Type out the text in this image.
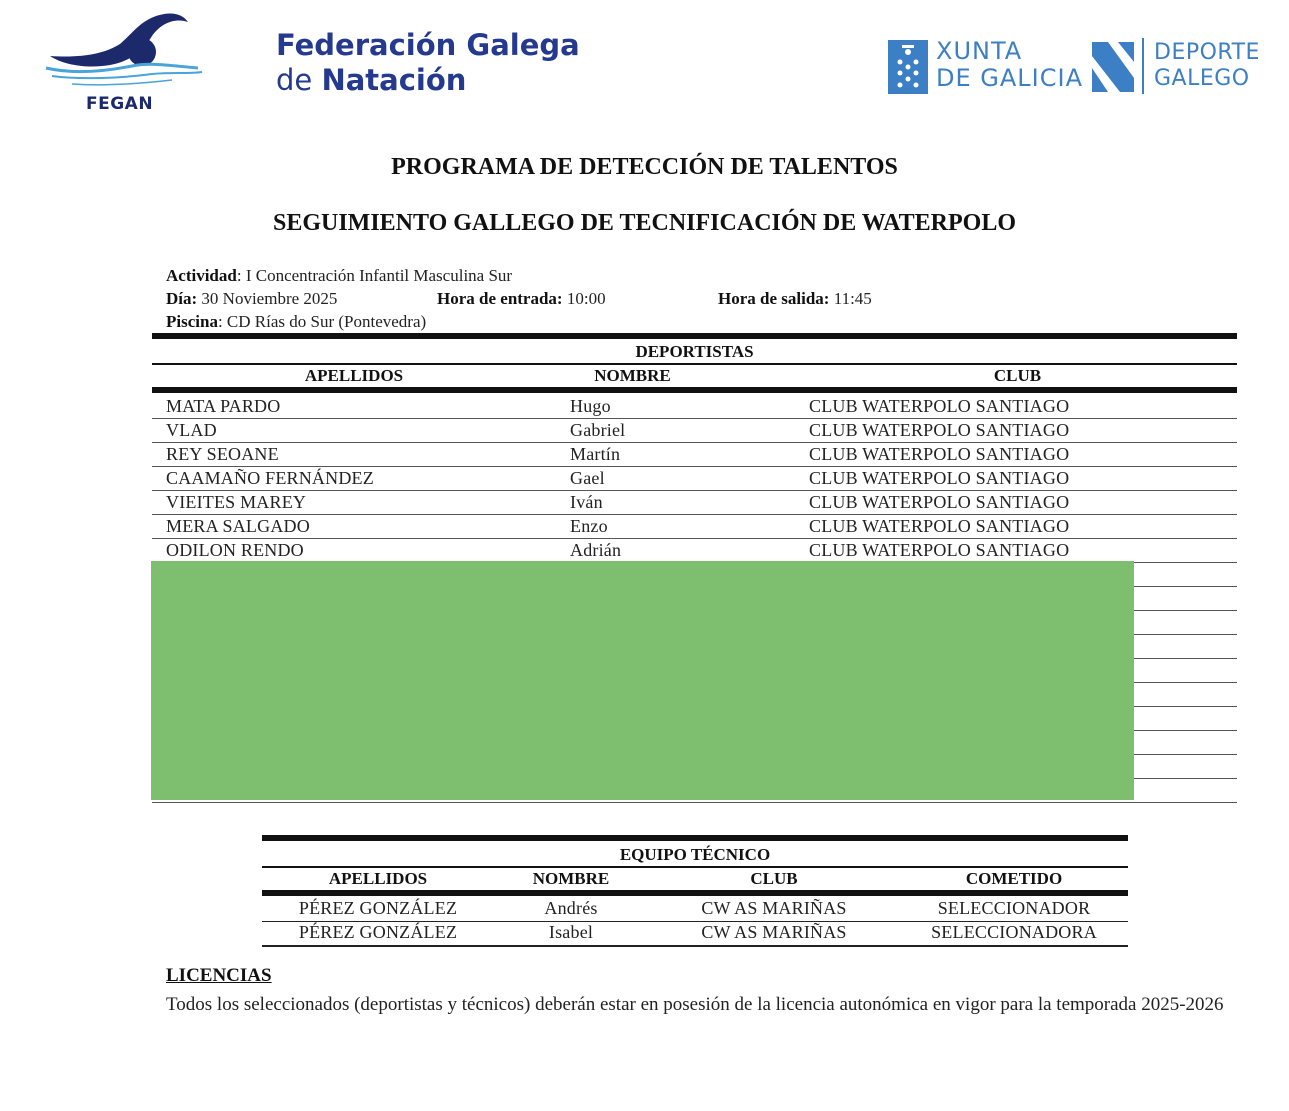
FEGAN
Federación Galega
de Natación
XUNTA
DE GALICIA
DEPORTE
GALEGO
PROGRAMA DE DETECCIÓN DE TALENTOS
SEGUIMIENTO GALLEGO DE TECNIFICACIÓN DE WATERPOLO
Actividad: I Concentración Infantil Masculina Sur
Día: 30 Noviembre 2025	Hora de entrada: 10:00	Hora de salida: 11:45
Piscina: CD Rías do Sur (Pontevedra)
DEPORTISTAS
APELLIDOS	NOMBRE	CLUB
MATA PARDO	Hugo	CLUB WATERPOLO SANTIAGO
VLAD	Gabriel	CLUB WATERPOLO SANTIAGO
REY SEOANE	Martín	CLUB WATERPOLO SANTIAGO
CAAMAÑO FERNÁNDEZ	Gael	CLUB WATERPOLO SANTIAGO
VIEITES MAREY	Iván	CLUB WATERPOLO SANTIAGO
MERA SALGADO	Enzo	CLUB WATERPOLO SANTIAGO
ODILON RENDO	Adrián	CLUB WATERPOLO SANTIAGO
EQUIPO TÉCNICO
APELLIDOS	NOMBRE	CLUB	COMETIDO
PÉREZ GONZÁLEZ	Andrés	CW AS MARIÑAS	SELECCIONADOR
PÉREZ GONZÁLEZ	Isabel	CW AS MARIÑAS	SELECCIONADORA
LICENCIAS
Todos los seleccionados (deportistas y técnicos) deberán estar en posesión de la licencia autonómica en vigor para la temporada 2025-2026
